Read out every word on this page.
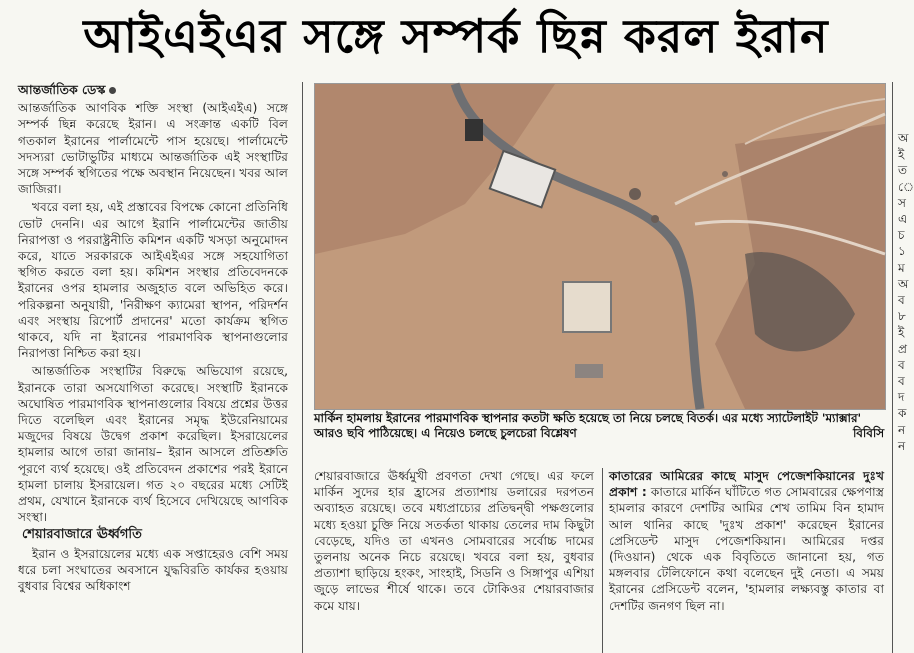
আইএইএর সঙ্গে সম্পর্ক ছিন্ন করল ইরান
আন্তর্জাতিক ডেস্ক

আন্তর্জাতিক আণবিক শক্তি সংস্থা (আইএইএ) সঙ্গে সম্পর্ক ছিন্ন করেছে ইরান। এ সংক্রান্ত একটি বিল গতকাল ইরানের পার্লামেন্টে পাস হয়েছে। পার্লামেন্টে সদস্যরা ভোটাভুটির মাধ্যমে আন্তর্জাতিক এই সংস্থাটির সঙ্গে সম্পর্ক স্থগিতের পক্ষে অবস্থান নিয়েছেন। খবর আল জাজিরা।

খবরে বলা হয়, এই প্রস্তাবের বিপক্ষে কোনো প্রতিনিধি ভোট দেননি। এর আগে ইরানি পার্লামেন্টের জাতীয় নিরাপত্তা ও পররাষ্ট্রনীতি কমিশন একটি খসড়া অনুমোদন করে, যাতে সরকারকে আইএইএর সঙ্গে সহযোগিতা স্থগিত করতে বলা হয়। কমিশন সংস্থার প্রতিবেদনকে ইরানের ওপর হামলার অজুহাত বলে অভিহিত করে। পরিকল্পনা অনুযায়ী, 'নিরীক্ষণ ক্যামেরা স্থাপন, পরিদর্শন এবং সংস্থায় রিপোর্ট প্রদানের' মতো কার্যক্রম স্থগিত থাকবে, যদি না ইরানের পারমাণবিক স্থাপনাগুলোর নিরাপত্তা নিশ্চিত করা হয়।

আন্তর্জাতিক সংস্থাটির বিরুদ্ধে অভিযোগ রয়েছে, ইরানকে তারা অসযোগিতা করেছে। সংস্থাটি ইরানকে অঘোষিত পারমাণবিক স্থাপনাগুলোর বিষয়ে প্রশ্নের উত্তর দিতে বলেছিল এবং ইরানের সমৃদ্ধ ইউরেনিয়ামের মজুদের বিষয়ে উদ্বেগ প্রকাশ করেছিল। ইসরায়েলের হামলার আগে তারা জানায়– ইরান আসলে প্রতিশ্রুতি পূরণে ব্যর্থ হয়েছে। ওই প্রতিবেদন প্রকাশের পরই ইরানে হামলা চালায় ইসরায়েল। গত ২০ বছরের মধ্যে সেটিই প্রথম, যেখানে ইরানকে ব্যর্থ হিসেবে দেখিয়েছে আণবিক সংস্থা।

শেয়ারবাজারে ঊর্ধ্বগতি

ইরান ও ইসরায়েলের মধ্যে এক সপ্তাহেরও বেশি সময় ধরে চলা সংঘাতের অবসানে যুদ্ধবিরতি কার্যকর হওয়ায় বুধবার বিশ্বের অধিকাংশ

মার্কিন হামলায় ইরানের পারমাণবিক স্থাপনার কতটা ক্ষতি হয়েছে তা নিয়ে চলছে বিতর্ক। এর মধ্যে স্যাটেলাইট 'ম্যাক্সার' আরও ছবি পাঠিয়েছে। এ নিয়েও চলছে চুলচেরা বিশ্লেষণ	বিবিসি

শেয়ারবাজারে ঊর্ধ্বমুখী প্রবণতা দেখা গেছে। এর ফলে মার্কিন সুদের হার হ্রাসের প্রত্যাশায় ডলারের দরপতন অব্যাহত রয়েছে। তবে মধ্যপ্রাচ্যের প্রতিদ্বন্দ্বী পক্ষগুলোর মধ্যে হওয়া চুক্তি নিয়ে সতর্কতা থাকায় তেলের দাম কিছুটা বেড়েছে, যদিও তা এখনও সোমবারের সর্বোচ্চ দামের তুলনায় অনেক নিচে রয়েছে। খবরে বলা হয়, বুধবার প্রত্যাশা ছাড়িয়ে হংকং, সাংহাই, সিডনি ও সিঙ্গাপুর এশিয়া জুড়ে লাভের শীর্ষে থাকে। তবে টোকিওর শেয়ারবাজার কমে যায়।

কাতারের আমিরের কাছে মাসুদ পেজেশকিয়ানের দুঃখ প্রকাশ : কাতারে মার্কিন ঘাঁটিতে গত সোমবারের ক্ষেপণাস্ত্র হামলার কারণে দেশটির আমির শেখ তামিম বিন হামাদ আল থানির কাছে 'দুঃখ প্রকাশ' করেছেন ইরানের প্রেসিডেন্ট মাসুদ পেজেশকিয়ান। আমিরের দপ্তর (দিওয়ান) থেকে এক বিবৃতিতে জানানো হয়, গত মঙ্গলবার টেলিফোনে কথা বলেছেন দুই নেতা। এ সময় ইরানের প্রেসিডেন্ট বলেন, 'হামলার লক্ষ্যবস্তু কাতার বা দেশটির জনগণ ছিল না।

অ ই ত ে স এ চ ১ ম অ ব ৮ ই প্র ব ব দ ক ন ন
